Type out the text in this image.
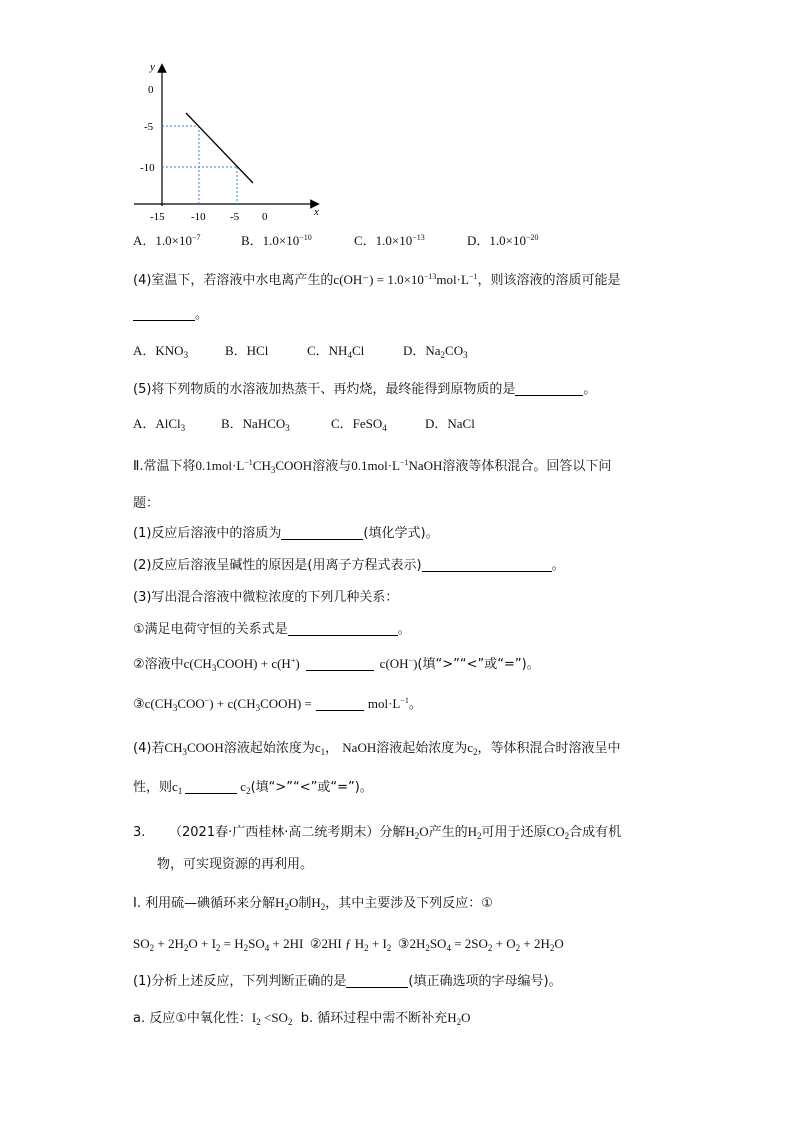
y
x
0
-5
-10
-15 -10 -5 0
A．$1.0\times 10^{-7}$	B．$1.0\times 10^{-10}$	C．$1.0\times 10^{-13}$	D．$1.0\times 10^{-20}$
(4)室温下，若溶液中水电离产生的$c(OH^-) = 1.0\times 10^{-13}mol\cdot L^{-1}$，则该溶液的溶质可能是
。
A．$KNO_3$	B．HCl	C．$NH_4Cl$	D．$Na_2CO_3$
(5)将下列物质的水溶液加热蒸干、再灼烧，最终能得到原物质的是	。
A．AlCl$_3$	B．NaHCO$_3$	C．FeSO$_4$	D．NaCl
Ⅱ.常温下将$0.1mol\cdot L^{-1}CH_3COOH$溶液与$0.1mol\cdot L^{-1}NaOH$溶液等体积混合。回答以下问
题：
(1)反应后溶液中的溶质为	(填化学式)。
(2)反应后溶液呈碱性的原因是(用离子方程式表示)	。
(3)写出混合溶液中微粒浓度的下列几种关系：
①满足电荷守恒的关系式是	。
②溶液中$c(CH_3COOH) + c(H^+)$	c(OH−)(填“>”“<”或“=”)。
$③c(CH_3COO^-)$ + $c(CH_3COOH)$ =	$mol\cdot L^{-1}$。
(4)若$CH_3COOH$溶液起始浓度为$c_1$， NaOH溶液起始浓度为$c_2$，等体积混合时溶液呈中
性，则$c_1$	$c_2$(填“>”“<”或“=”)。
3. （2021春·广西桂林·高二统考期末）分解$H_2O$产生的$H_2$可用于还原$CO_2$合成有机
物，可实现资源的再利用。
Ⅰ. 利用硫—碘循环来分解$H_2O$制$H_2$，其中主要涉及下列反应：①
$SO_2 + 2H_2O + I_2 = H_2SO_4 + 2HI$ ②2HI ƒ $H_2 + I_2$ $③2H_2SO_4 = 2SO_2 + O_2 + 2H_2O$
(1)分析上述反应，下列判断正确的是	(填正确选项的字母编号)。
a. 反应①中氧化性：$I_2 <SO_2$ b. 循环过程中需不断补充$H_2O$
